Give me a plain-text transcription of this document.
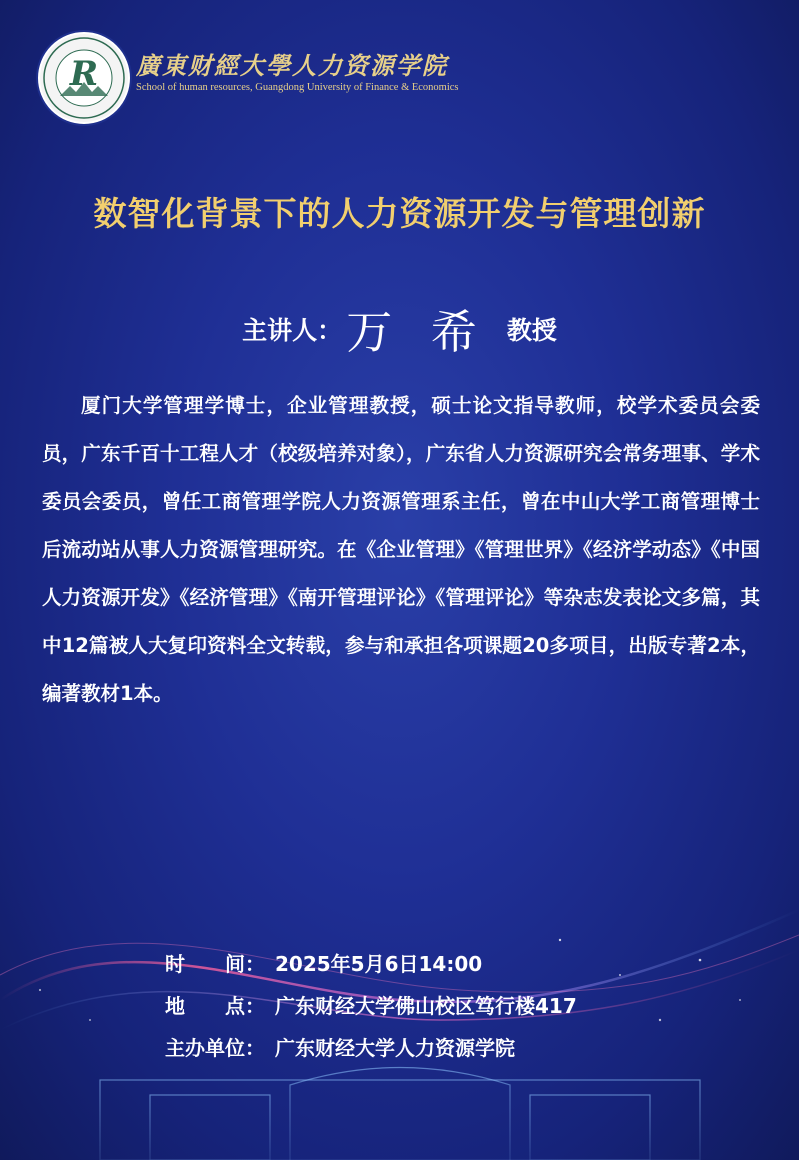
R	廣東财經大學人力资源学院
School of human resources, Guangdong University of Finance & Economics
数智化背景下的人力资源开发与管理创新
主讲人：万 希 教授

厦门大学管理学博士，企业管理教授，硕士论文指导教师，校学术委员会委员，广东千百十工程人才（校级培养对象），广东省人力资源研究会常务理事、学术委员会委员，曾任工商管理学院人力资源管理系主任，曾在中山大学工商管理博士后流动站从事人力资源管理研究。在《企业管理》《管理世界》《经济学动态》《中国人力资源开发》《经济管理》《南开管理评论》《管理评论》等杂志发表论文多篇，其中12篇被人大复印资料全文转载，参与和承担各项课题20多项目，出版专著2本，编著教材1本。

时　　间： 2025年5月6日14:00
地　　点： 广东财经大学佛山校区笃行楼417
主办单位： 广东财经大学人力资源学院
